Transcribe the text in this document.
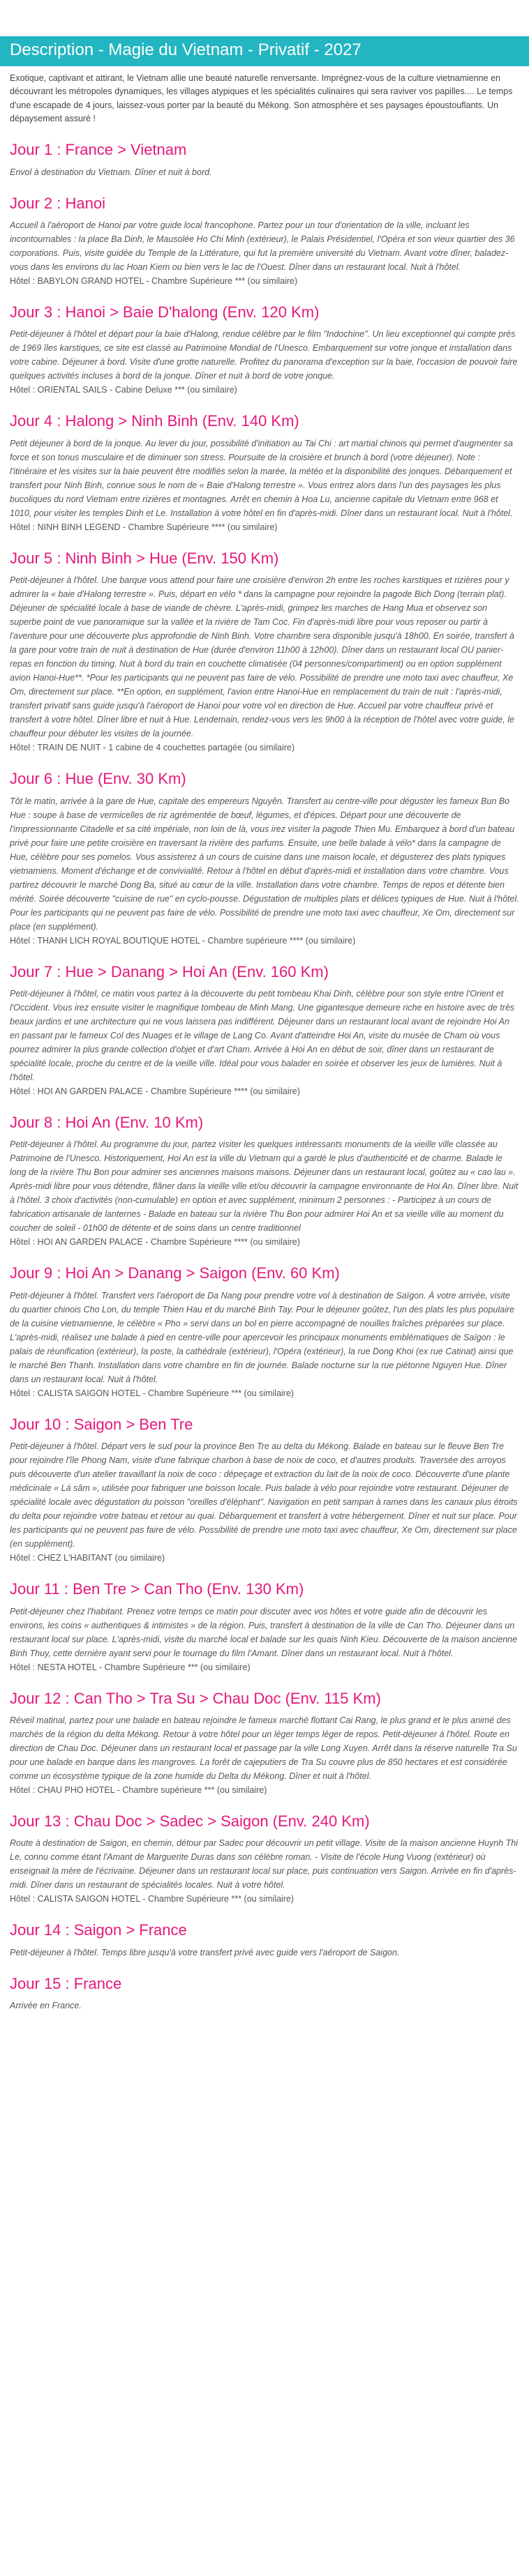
Description - Magie du Vietnam - Privatif - 2027

Exotique, captivant et attirant, le Vietnam allie une beauté naturelle renversante. Imprégnez-vous de la culture vietnamienne en découvrant les métropoles dynamiques, les villages atypiques et les spécialités culinaires qui sera raviver vos papilles.... Le temps d'une escapade de 4 jours, laissez-vous porter par la beauté du Mékong. Son atmosphère et ses paysages époustouflants. Un dépaysement assuré !

Jour 1 : France > Vietnam

Envol à destination du Vietnam. Dîner et nuit à bord.

Jour 2 : Hanoi

Accueil à l'aéroport de Hanoi par votre guide local francophone. Partez pour un tour d'orientation de la ville, incluant les incontournables : la place Ba Dinh, le Mausolée Ho Chi Minh (extérieur), le Palais Présidentiel, l'Opéra et son vieux quartier des 36 corporations. Puis, visite guidée du Temple de la Littérature, qui fut la première université du Vietnam. Avant votre dîner, baladez-vous dans les environs du lac Hoan Kiem ou bien vers le lac de l'Ouest. Dîner dans un restaurant local. Nuit à l'hôtel.

Hôtel : BABYLON GRAND HOTEL - Chambre Supérieure *** (ou similaire)

Jour 3 : Hanoi > Baie D'halong (Env. 120 Km)

Petit-déjeuner à l'hôtel et départ pour la baie d'Halong, rendue célèbre par le film "Indochine". Un lieu exceptionnel qui compte près de 1969 îles karstiques, ce site est classé au Patrimoine Mondial de l'Unesco. Embarquement sur votre jonque et installation dans votre cabine. Déjeuner à bord. Visite d'une grotte naturelle. Profitez du panorama d'exception sur la baie, l'occasion de pouvoir faire quelques activités incluses à bord de la jonque. Dîner et nuit à bord de votre jonque.

Hôtel : ORIENTAL SAILS - Cabine Deluxe *** (ou similaire)

Jour 4 : Halong > Ninh Binh (Env. 140 Km)

Petit déjeuner à bord de la jonque. Au lever du jour, possibilité d'initiation au Tai Chi : art martial chinois qui permet d'augmenter sa force et son tonus musculaire et de diminuer son stress. Poursuite de la croisière et brunch à bord (votre déjeuner). Note : l'itinéraire et les visites sur la baie peuvent être modifiés selon la marée, la météo et la disponibilité des jonques. Débarquement et transfert pour Ninh Binh, connue sous le nom de « Baie d'Halong terrestre ». Vous entrez alors dans l'un des paysages les plus bucoliques du nord Vietnam entre rizières et montagnes. Arrêt en chemin à Hoa Lu, ancienne capitale du Vietnam entre 968 et 1010, pour visiter les temples Dinh et Le. Installation à votre hôtel en fin d'après-midi. Dîner dans un restaurant local. Nuit à l'hôtel.

Hôtel : NINH BINH LEGEND - Chambre Supérieure **** (ou similaire)

Jour 5 : Ninh Binh > Hue (Env. 150 Km)

Petit-déjeuner à l'hôtel. Une barque vous attend pour faire une croisière d'environ 2h entre les roches karstiques et rizières pour y admirer la « baie d'Halong terrestre ». Puis, départ en vélo * dans la campagne pour rejoindre la pagode Bich Dong (terrain plat). Déjeuner de spécialité locale à base de viande de chèvre. L'après-midi, grimpez les marches de Hang Mua et observez son superbe point de vue panoramique sur la vallée et la rivière de Tam Coc. Fin d'après-midi libre pour vous reposer ou partir à l'aventure pour une découverte plus approfondie de Ninh Binh. Votre chambre sera disponible jusqu'à 18h00. En soirée, transfert à la gare pour votre train de nuit à destination de Hue (durée d'environ 11h00 à 12h00). Dîner dans un restaurant local OU panier-repas en fonction du timing. Nuit à bord du train en couchette climatisée (04 personnes/compartiment) ou en option supplément avion Hanoi-Hue**. *Pour les participants qui ne peuvent pas faire de vélo. Possibilité de prendre une moto taxi avec chauffeur, Xe Om, directement sur place. **En option, en supplément, l'avion entre Hanoi-Hue en remplacement du train de nuit : l'après-midi, transfert privatif sans guide jusqu'à l'aéroport de Hanoi pour votre vol en direction de Hue. Accueil par votre chauffeur privé et transfert à votre hôtel. Dîner libre et nuit à Hue. Lendemain, rendez-vous vers les 9h00 à la réception de l'hôtel avec votre guide, le chauffeur pour débuter les visites de la journée.

Hôtel : TRAIN DE NUIT - 1 cabine de 4 couchettes partagée (ou similaire)

Jour 6 : Hue (Env. 30 Km)

Tôt le matin, arrivée à la gare de Hue, capitale des empereurs Nguyên. Transfert au centre-ville pour déguster les fameux Bun Bo Hue : soupe à base de vermicelles de riz agrémentée de bœuf, légumes, et d'épices. Départ pour une découverte de l'impressionnante Citadelle et sa cité impériale, non loin de là, vous irez visiter la pagode Thien Mu. Embarquez à bord d'un bateau privé pour faire une petite croisière en traversant la rivière des parfums. Ensuite, une belle balade à vélo* dans la campagne de Hue, célèbre pour ses pomelos. Vous assisterez à un cours de cuisine dans une maison locale, et dégusterez des plats typiques vietnamiens. Moment d'échange et de convivialité. Retour à l'hôtel en début d'après-midi et installation dans votre chambre. Vous partirez découvrir le marché Dong Ba, situé au cœur de la ville. Installation dans votre chambre. Temps de repos et détente bien mérité. Soirée découverte "cuisine de rue" en cyclo-pousse. Dégustation de multiples plats et délices typiques de Hue. Nuit à l'hôtel. Pour les participants qui ne peuvent pas faire de vélo. Possibilité de prendre une moto taxi avec chauffeur, Xe Om, directement sur place (en supplément).

Hôtel : THANH LICH ROYAL BOUTIQUE HOTEL - Chambre supérieure **** (ou similaire)

Jour 7 : Hue > Danang > Hoi An (Env. 160 Km)

Petit-déjeuner à l'hôtel, ce matin vous partez à la découverte du petit tombeau Khai Dinh, célèbre pour son style entre l'Orient et l'Occident. Vous irez ensuite visiter le magnifique tombeau de Minh Mang. Une gigantesque demeure riche en histoire avec de très beaux jardins et une architecture qui ne vous laissera pas indifférent. Déjeuner dans un restaurant local avant de rejoindre Hoi An en passant par le fameux Col des Nuages et le village de Lang Co. Avant d'atteindre Hoi An, visite du musée de Cham où vous pourrez admirer la plus grande collection d'objet et d'art Cham. Arrivée à Hoi An en début de soir, dîner dans un restaurant de spécialité locale, proche du centre et de la vieille ville. Idéal pour vous balader en soirée et observer les jeux de lumières. Nuit à l'hôtel.

Hôtel : HOI AN GARDEN PALACE - Chambre Supérieure **** (ou similaire)

Jour 8 : Hoi An (Env. 10 Km)

Petit-déjeuner à l'hôtel. Au programme du jour, partez visiter les quelques intéressants monuments de la vieille ville classée au Patrimoine de l'Unesco. Historiquement, Hoi An est la ville du Vietnam qui a gardé le plus d'authenticité et de charme. Balade le long de la rivière Thu Bon pour admirer ses anciennes maisons maisons. Déjeuner dans un restaurant local, goûtez au « cao lau ». Après-midi libre pour vous détendre, flâner dans la vieille ville et/ou découvrir la campagne environnante de Hoi An. Dîner libre. Nuit à l'hôtel. 3 choix d'activités (non-cumulable) en option et avec supplément, minimum 2 personnes : - Participez à un cours de fabrication artisanale de lanternes - Balade en bateau sur la rivière Thu Bon pour admirer Hoi An et sa vieille ville au moment du coucher de soleil - 01h00 de détente et de soins dans un centre traditionnel

Hôtel : HOI AN GARDEN PALACE - Chambre Supérieure **** (ou similaire)

Jour 9 : Hoi An > Danang > Saigon (Env. 60 Km)

Petit-déjeuner à l'hôtel. Transfert vers l'aéroport de Da Nang pour prendre votre vol à destination de Saïgon. À votre arrivée, visite du quartier chinois Cho Lon, du temple Thien Hau et du marché Binh Tay. Pour le déjeuner goûtez, l'un des plats les plus populaire de la cuisine vietnamienne, le célèbre « Pho » servi dans un bol en pierre accompagné de nouilles fraîches préparées sur place. L'après-midi, réalisez une balade à pied en centre-ville pour apercevoir les principaux monuments emblématiques de Saïgon : le palais de réunification (extérieur), la poste, la cathédrale (extérieur), l'Opéra (extérieur), la rue Dong Khoi (ex rue Catinat) ainsi que le marché Ben Thanh. Installation dans votre chambre en fin de journée. Balade nocturne sur la rue piétonne Nguyen Hue. Dîner dans un restaurant local. Nuit à l'hôtel.

Hôtel : CALISTA SAIGON HOTEL - Chambre Supérieure *** (ou similaire)

Jour 10 : Saigon > Ben Tre

Petit-déjeuner à l'hôtel. Départ vers le sud pour la province Ben Tre au delta du Mékong. Balade en bateau sur le fleuve Ben Tre pour rejoindre l'île Phong Nam, visite d'une fabrique charbon à base de noix de coco, et d'autres produits. Traversée des arroyos puis découverte d'un atelier travaillant la noix de coco : dépeçage et extraction du lait de la noix de coco. Découverte d'une plante médicinale « Lá sâm », utilisée pour fabriquer une boisson locale. Puis balade à vélo pour rejoindre votre restaurant. Déjeuner de spécialité locale avec dégustation du poisson "oreilles d'éléphant". Navigation en petit sampan à rames dans les canaux plus étroits du delta pour rejoindre votre bateau et retour au quai. Débarquement et transfert à votre hébergement. Dîner et nuit sur place. Pour les participants qui ne peuvent pas faire de vélo. Possibilité de prendre une moto taxi avec chauffeur, Xe Om, directement sur place (en supplément).

Hôtel : CHEZ L'HABITANT (ou similaire)

Jour 11 : Ben Tre > Can Tho (Env. 130 Km)

Petit-déjeuner chez l'habitant. Prenez votre temps ce matin pour discuter avec vos hôtes et votre guide afin de découvrir les environs, les coins « authentiques & intimistes » de la région. Puis, transfert à destination de la ville de Can Tho. Déjeuner dans un restaurant local sur place. L'après-midi, visite du marché local et balade sur les quais Ninh Kieu. Découverte de la maison ancienne Binh Thuy, cette dernière ayant servi pour le tournage du film l'Amant. Dîner dans un restaurant local. Nuit à l'hôtel.

Hôtel : NESTA HOTEL - Chambre Supérieure *** (ou similaire)

Jour 12 : Can Tho > Tra Su > Chau Doc (Env. 115 Km)

Réveil matinal, partez pour une balade en bateau rejoindre le fameux marché flottant Cai Rang, le plus grand et le plus animé des marchés de la région du delta Mékong. Retour à votre hôtel pour un léger temps léger de repos. Petit-déjeuner à l'hôtel. Route en direction de Chau Doc. Déjeuner dans un restaurant local et passage par la ville Long Xuyen. Arrêt dans la réserve naturelle Tra Su pour une balade en barque dans les mangroves. La forêt de cajeputiers de Tra Su couvre plus de 850 hectares et est considérée comme un écosystème typique de la zone humide du Delta du Mékong. Dîner et nuit à l'hôtel.

Hôtel : CHAU PHO HOTEL - Chambre supérieure *** (ou similaire)

Jour 13 : Chau Doc > Sadec > Saigon (Env. 240 Km)

Route à destination de Saigon, en chemin, détour par Sadec pour découvrir un petit village. Visite de la maison ancienne Huynh Thi Le, connu comme étant l'Amant de Marguerite Duras dans son célèbre roman. - Visite de l'école Hung Vuong (extérieur) où enseignait la mère de l'écrivaine. Déjeuner dans un restaurant local sur place, puis continuation vers Saigon. Arrivée en fin d'après-midi. Dîner dans un restaurant de spécialités locales. Nuit à votre hôtel.

Hôtel : CALISTA SAIGON HOTEL - Chambre Supérieure *** (ou similaire)

Jour 14 : Saigon > France

Petit-déjeuner à l'hôtel. Temps libre jusqu'à votre transfert privé avec guide vers l'aéroport de Saigon.

Jour 15 : France

Arrivée en France.
